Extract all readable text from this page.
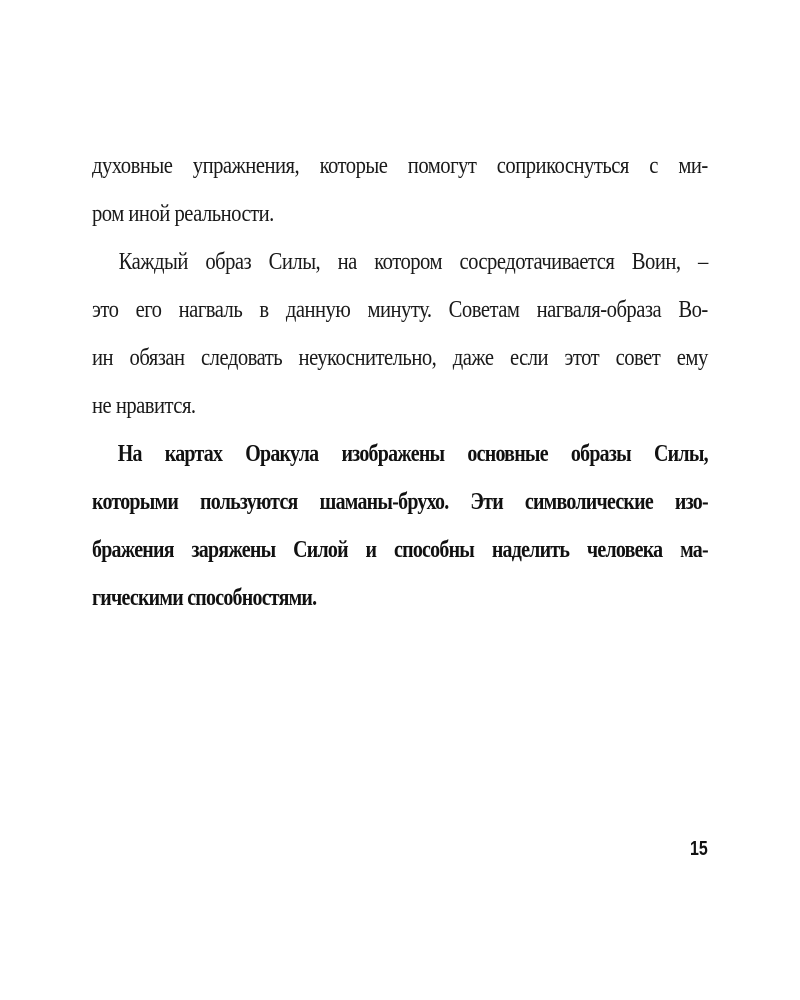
духовные упражнения, которые помогут соприкоснуться с ми-
ром иной реальности.
Каждый образ Силы, на котором сосредотачивается Воин, –
это его нагваль в данную минуту. Советам нагваля-образа Во-
ин обязан следовать неукоснительно, даже если этот совет ему
не нравится.
На картах Оракула изображены основные образы Силы,
которыми пользуются шаманы-брухо. Эти символические изо-
бражения заряжены Силой и способны наделить человека ма-
гическими способностями.
15
